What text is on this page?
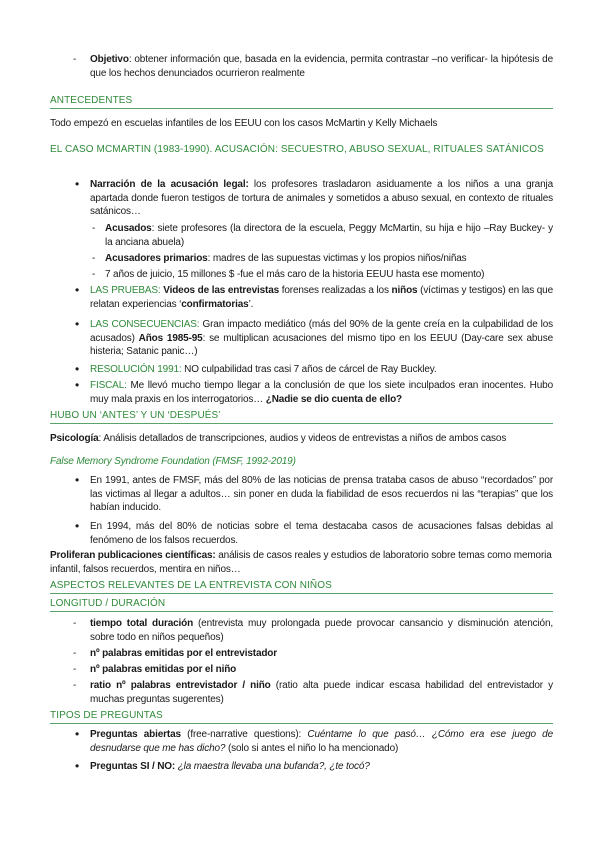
- Objetivo: obtener información que, basada en la evidencia, permita contrastar –no verificar- la hipótesis de que los hechos denunciados ocurrieron realmente
ANTECEDENTES
Todo empezó en escuelas infantiles de los EEUU con los casos McMartin y Kelly Michaels
EL CASO MCMARTIN (1983-1990). ACUSACIÓN: SECUESTRO, ABUSO SEXUAL, RITUALES SATÁNICOS
• Narración de la acusación legal: los profesores trasladaron asiduamente a los niños a una granja apartada donde fueron testigos de tortura de animales y sometidos a abuso sexual, en contexto de rituales satánicos…
- Acusados: siete profesores (la directora de la escuela, Peggy McMartin, su hija e hijo –Ray Buckey- y la anciana abuela)
- Acusadores primarios: madres de las supuestas victimas y los propios niños/niñas
- 7 años de juicio, 15 millones $ -fue el más caro de la historia EEUU hasta ese momento)
• LAS PRUEBAS: Videos de las entrevistas forenses realizadas a los niños (víctimas y testigos) en las que relatan experiencias ‘confirmatorias’.
• LAS CONSECUENCIAS: Gran impacto mediático (más del 90% de la gente creía en la culpabilidad de los acusados) Años 1985-95: se multiplican acusaciones del mismo tipo en los EEUU (Day-care sex abuse histeria; Satanic panic…)
• RESOLUCIÓN 1991: NO culpabilidad tras casi 7 años de cárcel de Ray Buckley.
• FISCAL: Me llevó mucho tiempo llegar a la conclusión de que los siete inculpados eran inocentes. Hubo muy mala praxis en los interrogatorios… ¿Nadie se dio cuenta de ello?
HUBO UN ‘ANTES’ Y UN ‘DESPUÉS’
Psicología: Análisis detallados de transcripciones, audios y videos de entrevistas a niños de ambos casos
False Memory Syndrome Foundation (FMSF, 1992-2019)
• En 1991, antes de FMSF, más del 80% de las noticias de prensa trataba casos de abuso “recordados” por las victimas al llegar a adultos… sin poner en duda la fiabilidad de esos recuerdos ni las “terapias” que los habían inducido.
• En 1994, más del 80% de noticias sobre el tema destacaba casos de acusaciones falsas debidas al fenómeno de los falsos recuerdos.
Proliferan publicaciones científicas: análisis de casos reales y estudios de laboratorio sobre temas como memoria infantil, falsos recuerdos, mentira en niños…
ASPECTOS RELEVANTES DE LA ENTREVISTA CON NIÑOS
LONGITUD / DURACIÓN
- tiempo total duración (entrevista muy prolongada puede provocar cansancio y disminución atención, sobre todo en niños pequeños)
- nº palabras emitidas por el entrevistador
- nº palabras emitidas por el niño
- ratio nº palabras entrevistador / niño (ratio alta puede indicar escasa habilidad del entrevistador y muchas preguntas sugerentes)
TIPOS DE PREGUNTAS
• Preguntas abiertas (free-narrative questions): Cuéntame lo que pasó… ¿Cómo era ese juego de desnudarse que me has dicho? (solo si antes el niño lo ha mencionado)
• Preguntas SI / NO: ¿la maestra llevaba una bufanda?, ¿te tocó?
